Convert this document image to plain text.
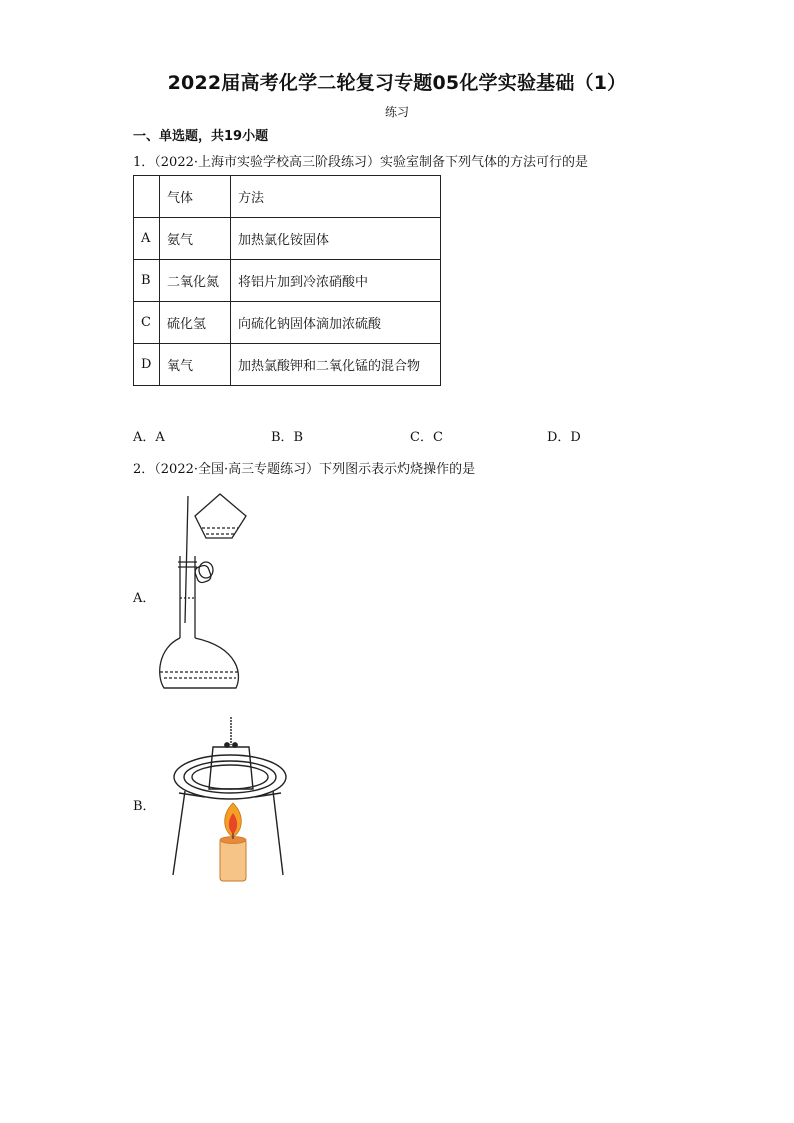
2022届高考化学二轮复习专题05化学实验基础（1）
练习
一、单选题，共19小题
1．（2022·上海市实验学校高三阶段练习）实验室制备下列气体的方法可行的是
	气体	方法
A	氨气	加热氯化铵固体
B	二氧化氮	将铝片加到冷浓硝酸中
C	硫化氢	向硫化钠固体滴加浓硫酸
D	氧气	加热氯酸钾和二氧化锰的混合物
A．A	B．B	C．C	D．D
2．（2022·全国·高三专题练习）下列图示表示灼烧操作的是
A．
B．
